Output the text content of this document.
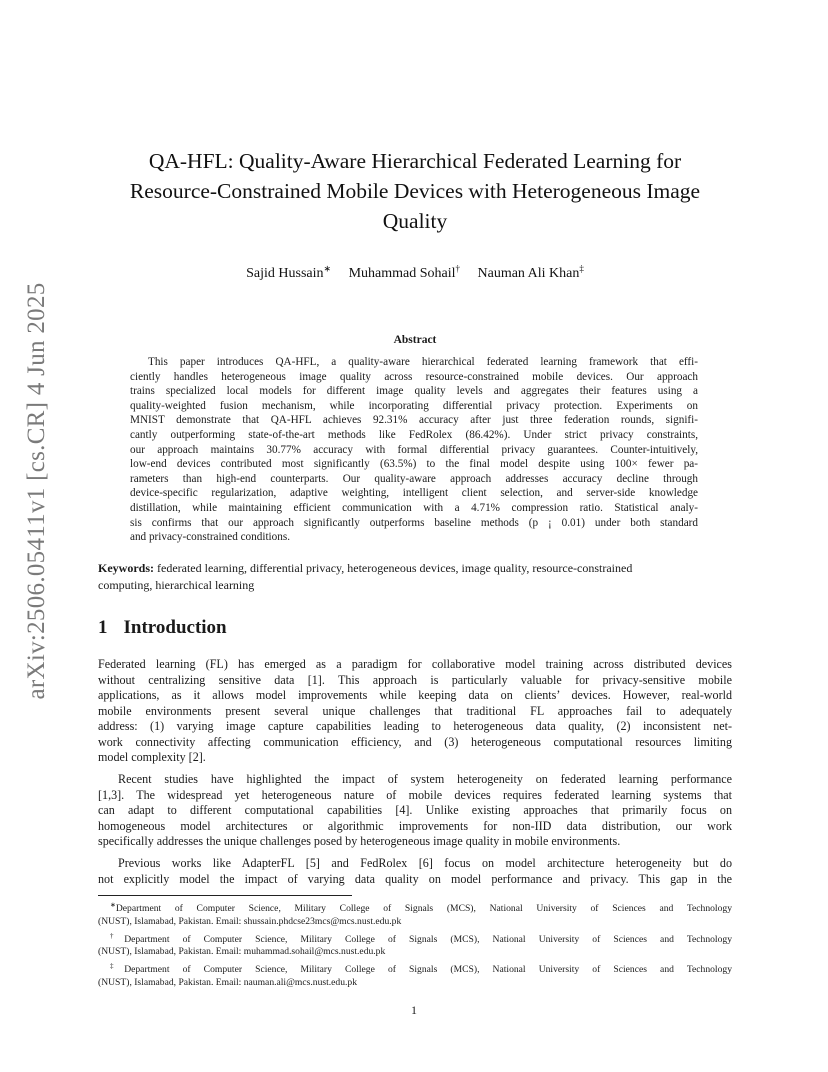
arXiv:2506.05411v1 [cs.CR] 4 Jun 2025
QA-HFL: Quality-Aware Hierarchical Federated Learning for
Resource-Constrained Mobile Devices with Heterogeneous Image
Quality
Sajid Hussain∗ Muhammad Sohail† Nauman Ali Khan‡
Abstract
This paper introduces QA-HFL, a quality-aware hierarchical federated learning framework that effi-
ciently handles heterogeneous image quality across resource-constrained mobile devices. Our approach
trains specialized local models for different image quality levels and aggregates their features using a
quality-weighted fusion mechanism, while incorporating differential privacy protection. Experiments on
MNIST demonstrate that QA-HFL achieves 92.31% accuracy after just three federation rounds, signifi-
cantly outperforming state-of-the-art methods like FedRolex (86.42%). Under strict privacy constraints,
our approach maintains 30.77% accuracy with formal differential privacy guarantees. Counter-intuitively,
low-end devices contributed most significantly (63.5%) to the final model despite using 100× fewer pa-
rameters than high-end counterparts. Our quality-aware approach addresses accuracy decline through
device-specific regularization, adaptive weighting, intelligent client selection, and server-side knowledge
distillation, while maintaining efficient communication with a 4.71% compression ratio. Statistical analy-
sis confirms that our approach significantly outperforms baseline methods (p ¡ 0.01) under both standard
and privacy-constrained conditions.
Keywords: federated learning, differential privacy, heterogeneous devices, image quality, resource-constrained
computing, hierarchical learning
1 Introduction
Federated learning (FL) has emerged as a paradigm for collaborative model training across distributed devices
without centralizing sensitive data [1]. This approach is particularly valuable for privacy-sensitive mobile
applications, as it allows model improvements while keeping data on clients’ devices. However, real-world
mobile environments present several unique challenges that traditional FL approaches fail to adequately
address: (1) varying image capture capabilities leading to heterogeneous data quality, (2) inconsistent net-
work connectivity affecting communication efficiency, and (3) heterogeneous computational resources limiting
model complexity [2].
Recent studies have highlighted the impact of system heterogeneity on federated learning performance
[1,3]. The widespread yet heterogeneous nature of mobile devices requires federated learning systems that
can adapt to different computational capabilities [4]. Unlike existing approaches that primarily focus on
homogeneous model architectures or algorithmic improvements for non-IID data distribution, our work
specifically addresses the unique challenges posed by heterogeneous image quality in mobile environments.
Previous works like AdapterFL [5] and FedRolex [6] focus on model architecture heterogeneity but do
not explicitly model the impact of varying data quality on model performance and privacy. This gap in the
∗Department of Computer Science, Military College of Signals (MCS), National University of Sciences and Technology
(NUST), Islamabad, Pakistan. Email: shussain.phdcse23mcs@mcs.nust.edu.pk
†Department of Computer Science, Military College of Signals (MCS), National University of Sciences and Technology
(NUST), Islamabad, Pakistan. Email: muhammad.sohail@mcs.nust.edu.pk
‡Department of Computer Science, Military College of Signals (MCS), National University of Sciences and Technology
(NUST), Islamabad, Pakistan. Email: nauman.ali@mcs.nust.edu.pk
1
